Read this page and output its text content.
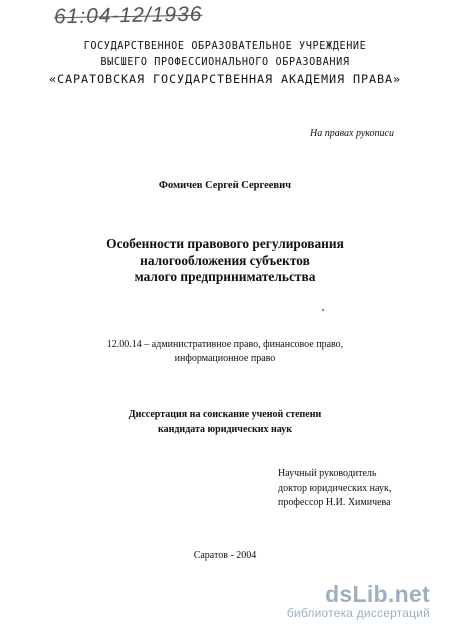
61:04-12/1936
ГОСУДАРСТВЕННОЕ ОБРАЗОВАТЕЛЬНОЕ УЧРЕЖДЕНИЕ
ВЫСШЕГО ПРОФЕССИОНАЛЬНОГО ОБРАЗОВАНИЯ
«САРАТОВСКАЯ ГОСУДАРСТВЕННАЯ АКАДЕМИЯ ПРАВА»
На правах рукописи
Фомичев Сергей Сергеевич
Особенности правового регулирования
налогообложения субъектов
малого предпринимательства
12.00.14 – административное право, финансовое право,
информационное право
Диссертация на соискание ученой степени
кандидата юридических наук
Научный руководитель
доктор юридических наук,
профессор Н.И. Химичева
Саратов - 2004
dsLib.net
библиотека диссертаций
